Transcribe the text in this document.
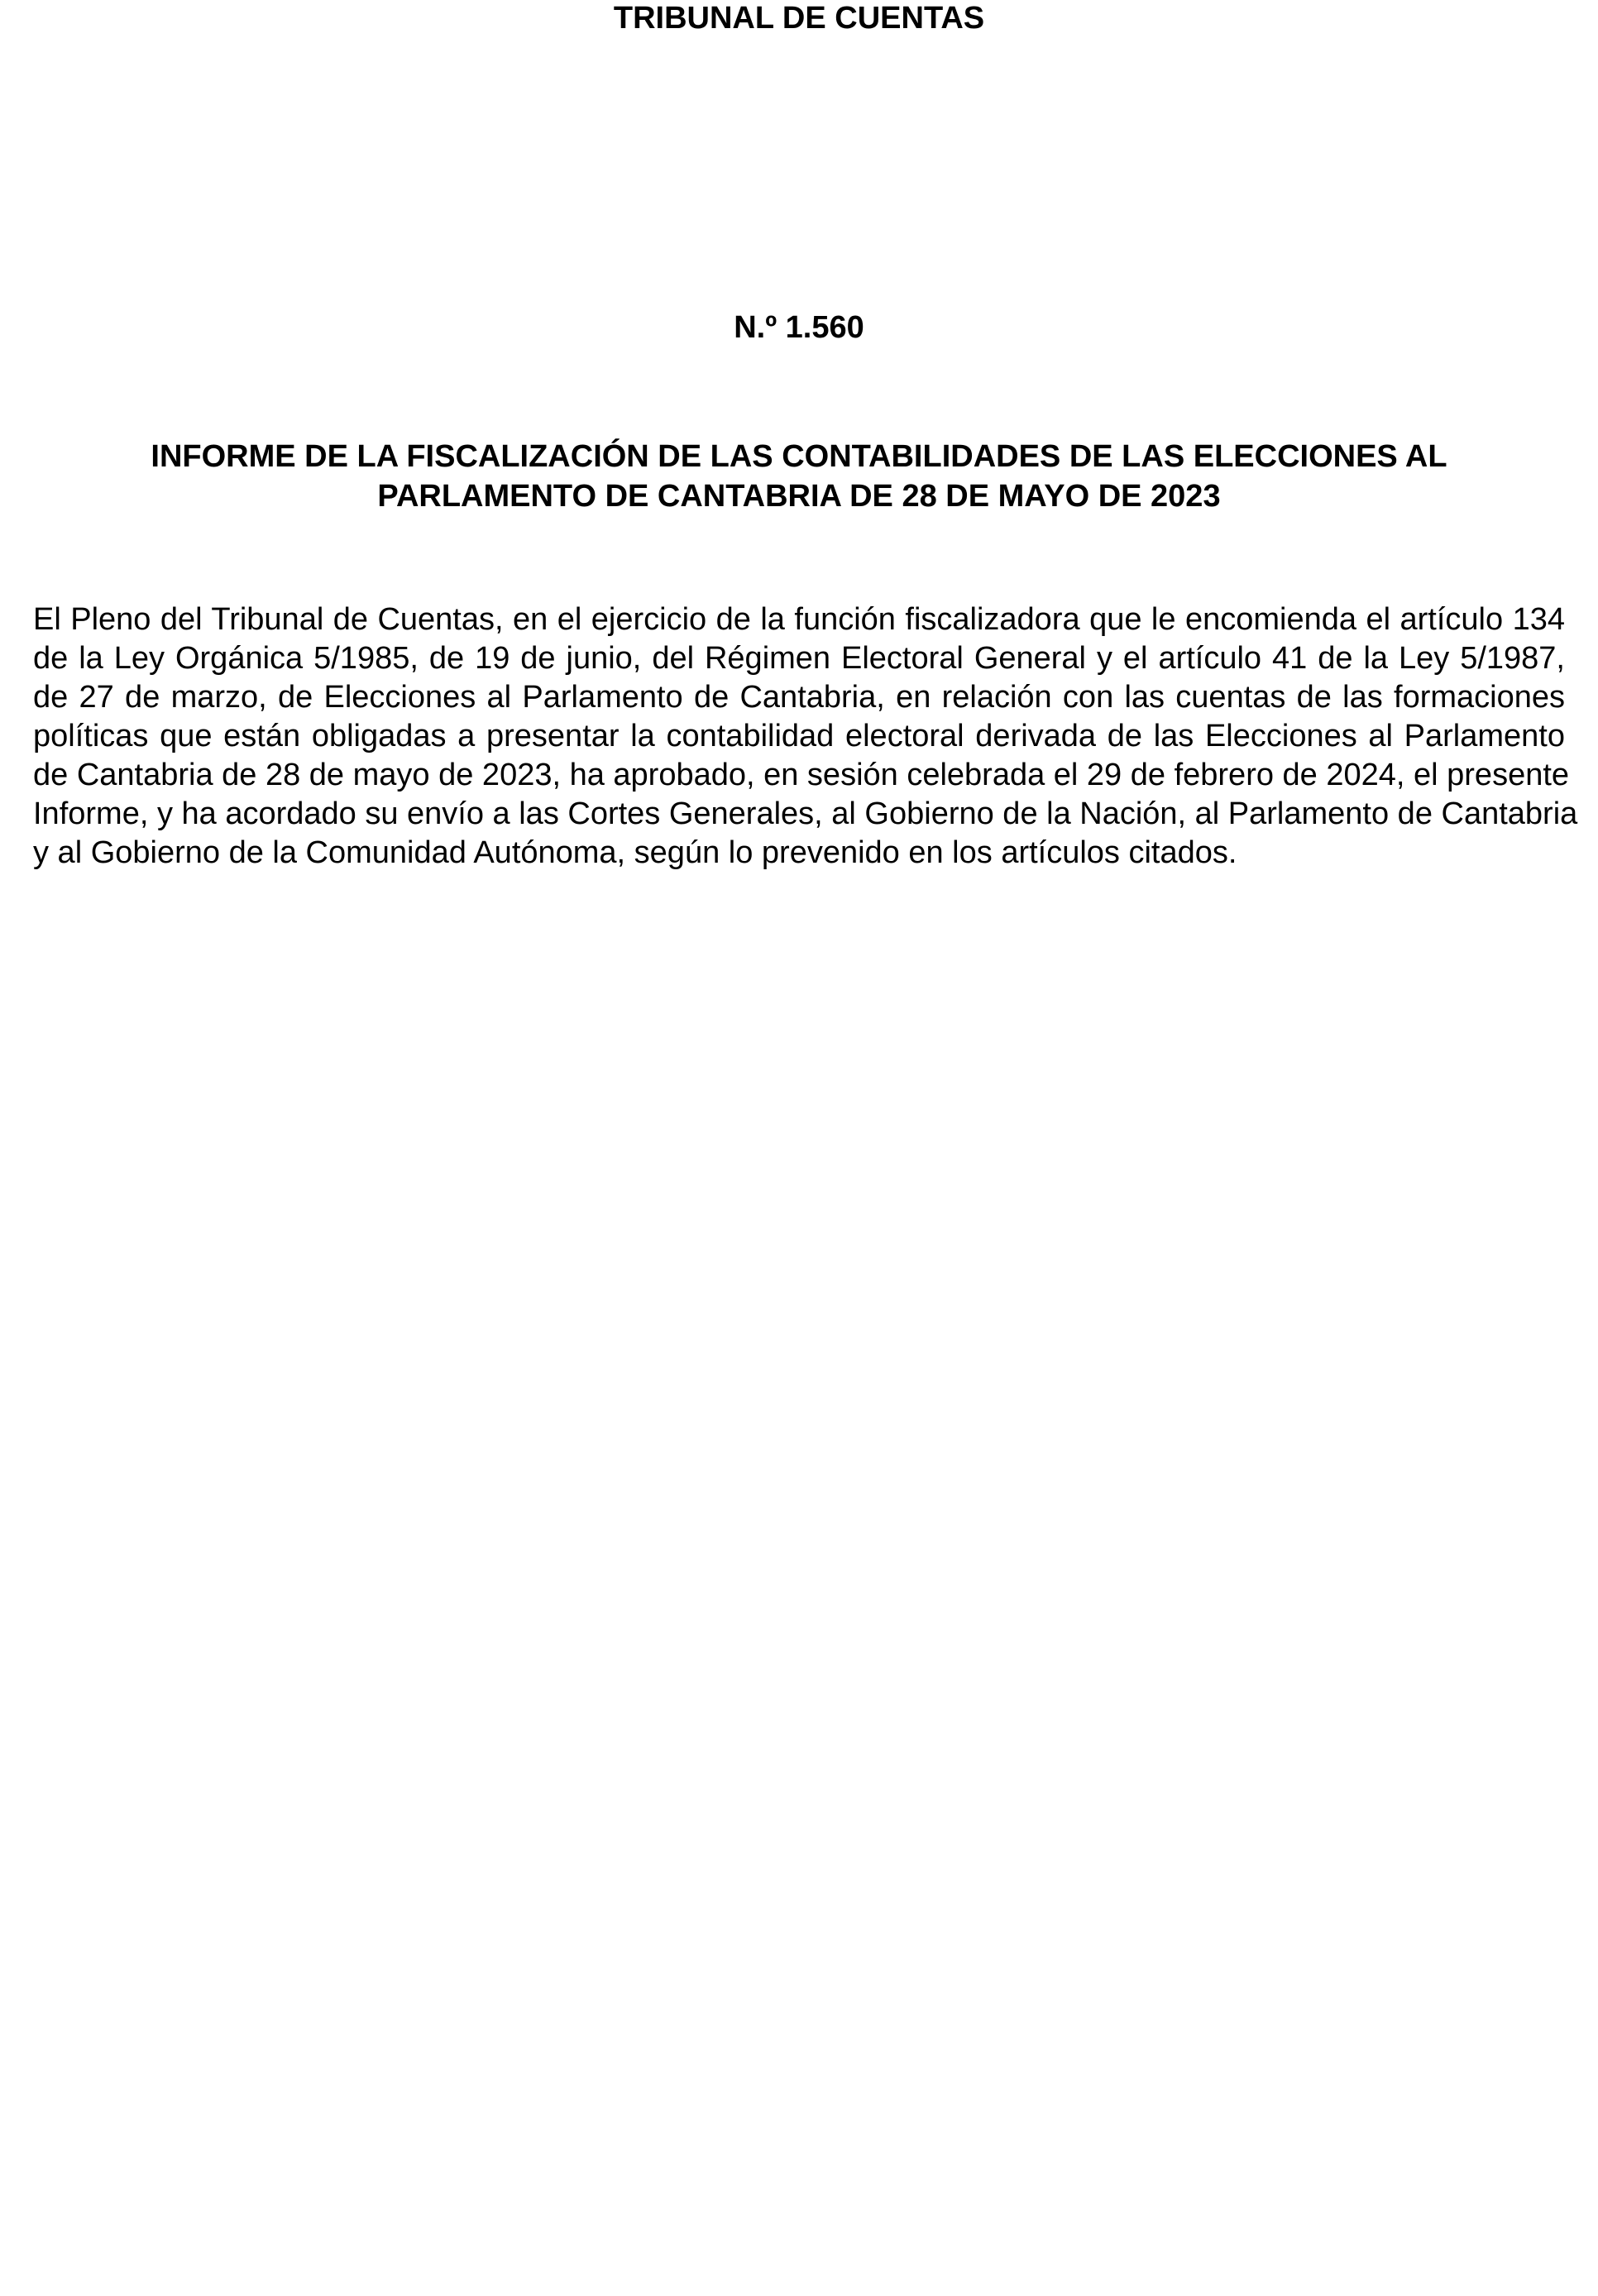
TRIBUNAL DE CUENTAS
N.º 1.560
INFORME DE LA FISCALIZACIÓN DE LAS CONTABILIDADES DE LAS ELECCIONES AL
PARLAMENTO DE CANTABRIA DE 28 DE MAYO DE 2023

El Pleno del Tribunal de Cuentas, en el ejercicio de la función fiscalizadora que le encomienda el artículo 134
de la Ley Orgánica 5/1985, de 19 de junio, del Régimen Electoral General y el artículo 41 de la Ley 5/1987,
de 27 de marzo, de Elecciones al Parlamento de Cantabria, en relación con las cuentas de las formaciones
políticas que están obligadas a presentar la contabilidad electoral derivada de las Elecciones al Parlamento
de Cantabria de 28 de mayo de 2023, ha aprobado, en sesión celebrada el 29 de febrero de 2024, el presente
Informe, y ha acordado su envío a las Cortes Generales, al Gobierno de la Nación, al Parlamento de Cantabria
y al Gobierno de la Comunidad Autónoma, según lo prevenido en los artículos citados.
